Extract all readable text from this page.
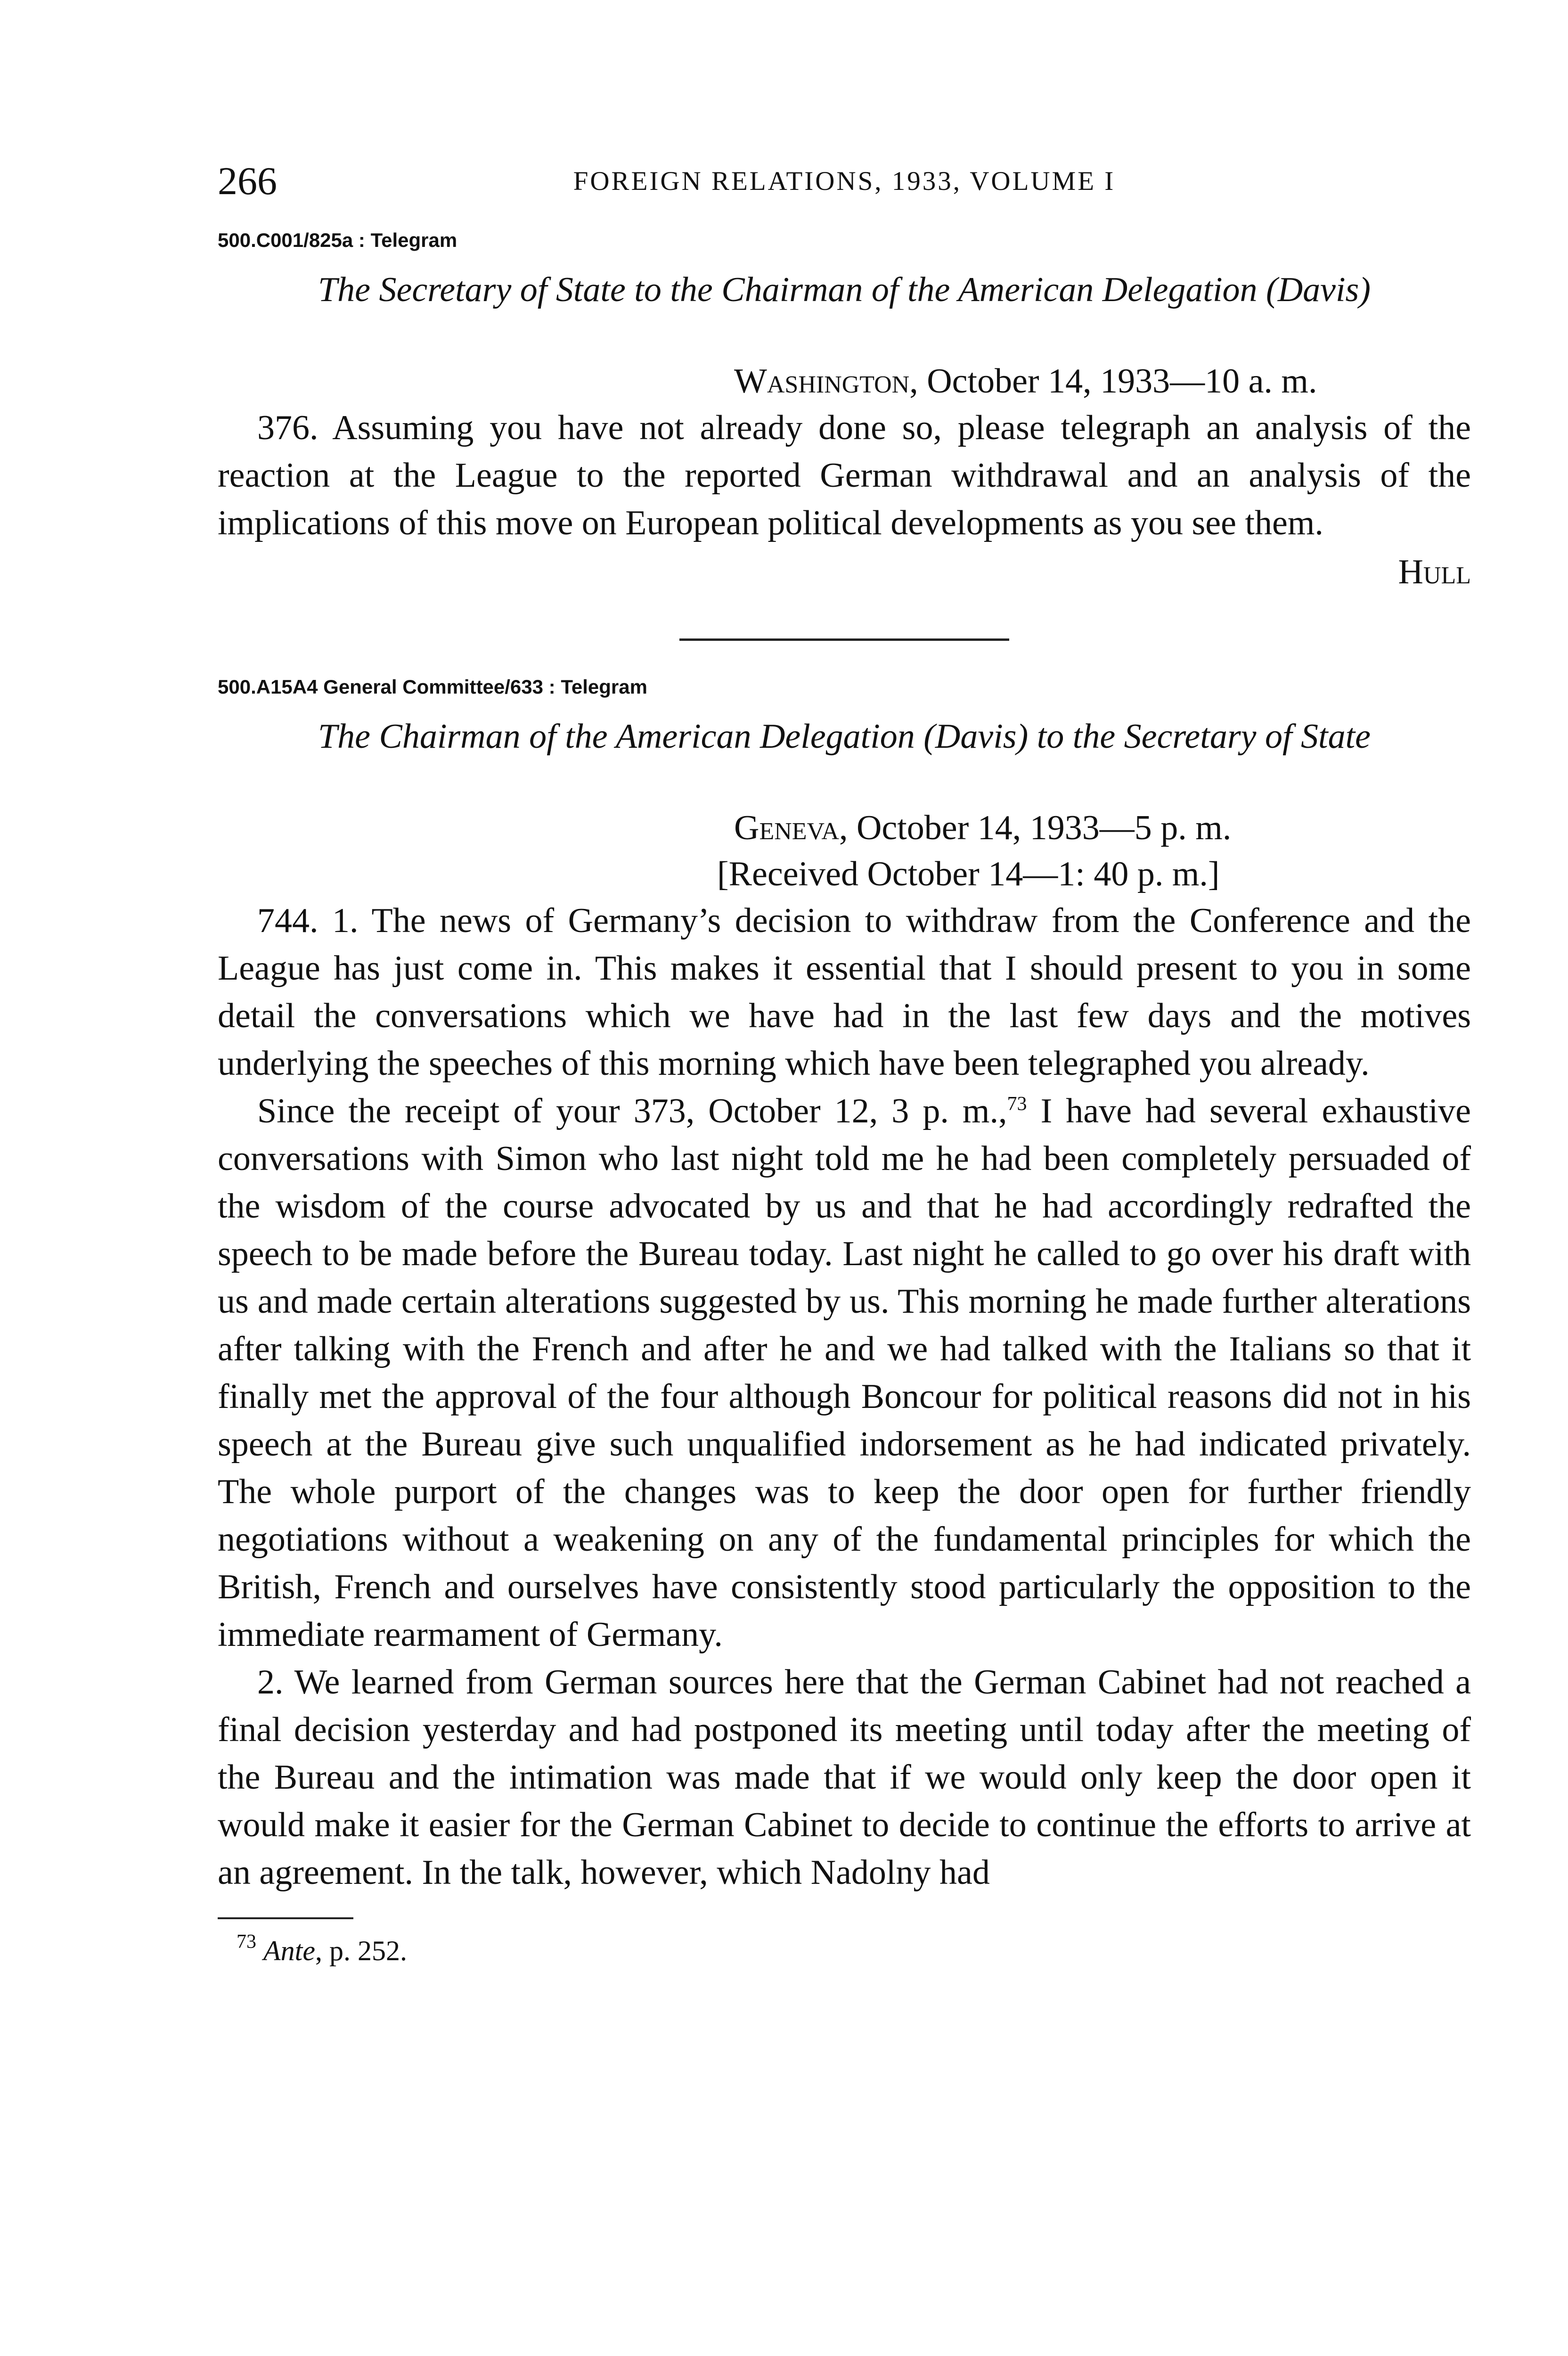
266	FOREIGN RELATIONS, 1933, VOLUME I

500.C001/825a : Telegram

The Secretary of State to the Chairman of the American Delegation (Davis)

Washington, October 14, 1933—10 a. m.

376. Assuming you have not already done so, please telegraph an analysis of the reaction at the League to the reported German withdrawal and an analysis of the implications of this move on European political developments as you see them.

Hull

500.A15A4 General Committee/633 : Telegram

The Chairman of the American Delegation (Davis) to the Secretary of State

Geneva, October 14, 1933—5 p. m.

[Received October 14—1: 40 p. m.]

744. 1. The news of Germany’s decision to withdraw from the Conference and the League has just come in. This makes it essential that I should present to you in some detail the conversations which we have had in the last few days and the motives underlying the speeches of this morning which have been telegraphed you already.

Since the receipt of your 373, October 12, 3 p. m.,$^{73}$ I have had several exhaustive conversations with Simon who last night told me he had been completely persuaded of the wisdom of the course advocated by us and that he had accordingly redrafted the speech to be made before the Bureau today. Last night he called to go over his draft with us and made certain alterations suggested by us. This morning he made further alterations after talking with the French and after he and we had talked with the Italians so that it finally met the approval of the four although Boncour for political reasons did not in his speech at the Bureau give such unqualified indorsement as he had indicated privately. The whole purport of the changes was to keep the door open for further friendly negotiations without a weakening on any of the fundamental principles for which the British, French and ourselves have consistently stood particularly the opposition to the immediate rearmament of Germany.

2. We learned from German sources here that the German Cabinet had not reached a final decision yesterday and had postponed its meeting until today after the meeting of the Bureau and the intimation was made that if we would only keep the door open it would make it easier for the German Cabinet to decide to continue the efforts to arrive at an agreement. In the talk, however, which Nadolny had

$^{73}$ Ante, p. 252.
